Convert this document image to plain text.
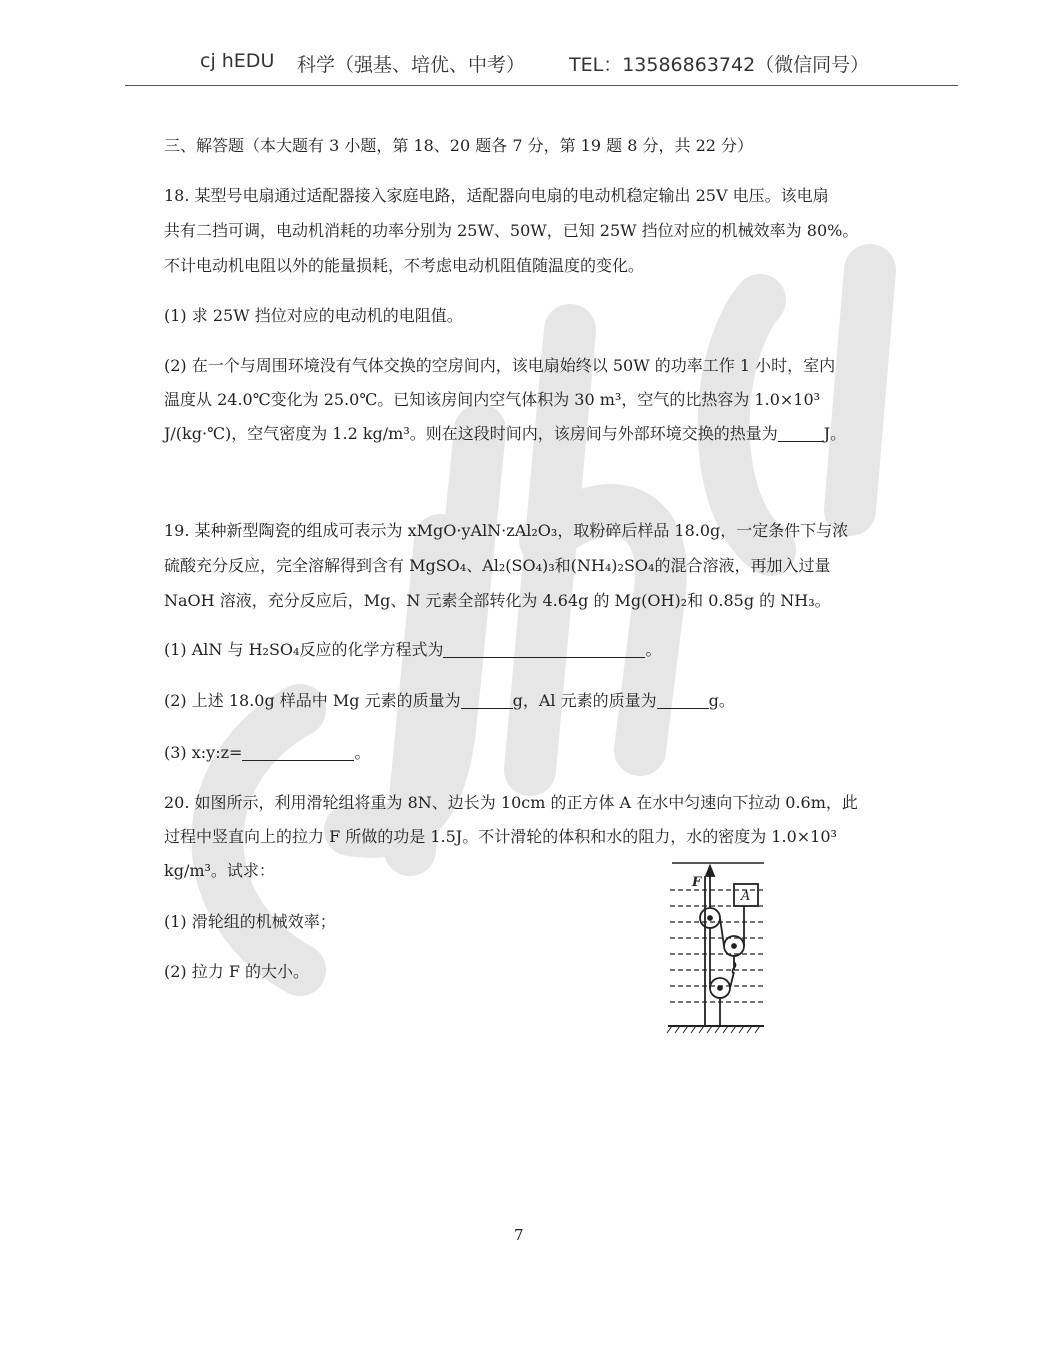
cjhEDU
cj hEDU 科学（强基、培优、中考） TEL：13586863742（微信同号）
三、解答题（本大题有 3 小题，第 18、20 题各 7 分，第 19 题 8 分，共 22 分）
18. 某型号电扇通过适配器接入家庭电路，适配器向电扇的电动机稳定输出 25V 电压。该电扇
共有二挡可调，电动机消耗的功率分别为 25W、50W，已知 25W 挡位对应的机械效率为 80%。
不计电动机电阻以外的能量损耗，不考虑电动机阻值随温度的变化。
(1) 求 25W 挡位对应的电动机的电阻值。
(2) 在一个与周围环境没有气体交换的空房间内，该电扇始终以 50W 的功率工作 1 小时，室内
温度从 24.0℃变化为 25.0℃。已知该房间内空气体积为 30 m³，空气的比热容为 1.0×10³
J/(kg·℃)，空气密度为 1.2 kg/m³。则在这段时间内，该房间与外部环境交换的热量为	J。
19. 某种新型陶瓷的组成可表示为 xMgO·yAlN·zAl₂O₃，取粉碎后样品 18.0g，一定条件下与浓
硫酸充分反应，完全溶解得到含有 MgSO₄、Al₂(SO₄)₃和(NH₄)₂SO₄的混合溶液，再加入过量
NaOH 溶液，充分反应后，Mg、N 元素全部转化为 4.64g 的 Mg(OH)₂和 0.85g 的 NH₃。
(1) AlN 与 H₂SO₄反应的化学方程式为	。
(2) 上述 18.0g 样品中 Mg 元素的质量为	g，Al 元素的质量为	g。
(3) x:y:z=	。
20. 如图所示，利用滑轮组将重为 8N、边长为 10cm 的正方体 A 在水中匀速向下拉动 0.6m，此
过程中竖直向上的拉力 F 所做的功是 1.5J。不计滑轮的体积和水的阻力，水的密度为 1.0×10³
kg/m³。试求：
(1) 滑轮组的机械效率；
(2) 拉力 F 的大小。
F
A
7
